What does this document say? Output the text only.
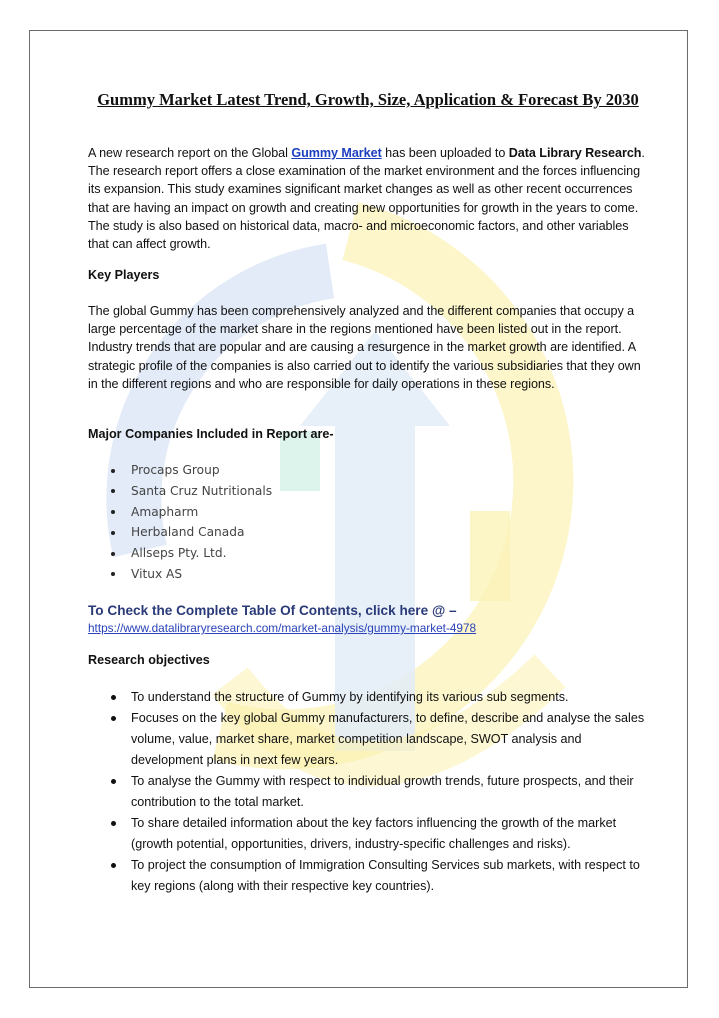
Gummy Market Latest Trend, Growth, Size, Application & Forecast By 2030

A new research report on the Global Gummy Market has been uploaded to Data Library Research. The research report offers a close examination of the market environment and the forces influencing its expansion. This study examines significant market changes as well as other recent occurrences that are having an impact on growth and creating new opportunities for growth in the years to come. The study is also based on historical data, macro- and microeconomic factors, and other variables that can affect growth.

Key Players

The global Gummy has been comprehensively analyzed and the different companies that occupy a large percentage of the market share in the regions mentioned have been listed out in the report. Industry trends that are popular and are causing a resurgence in the market growth are identified. A strategic profile of the companies is also carried out to identify the various subsidiaries that they own in the different regions and who are responsible for daily operations in these regions.

Major Companies Included in Report are-

Procaps Group
Santa Cruz Nutritionals
Amapharm
Herbaland Canada
Allseps Pty. Ltd.
Vitux AS

To Check the Complete Table Of Contents, click here @ –

https://www.datalibraryresearch.com/market-analysis/gummy-market-4978

Research objectives

To understand the structure of Gummy by identifying its various sub segments.
Focuses on the key global Gummy manufacturers, to define, describe and analyse the sales volume, value, market share, market competition landscape, SWOT analysis and development plans in next few years.
To analyse the Gummy with respect to individual growth trends, future prospects, and their contribution to the total market.
To share detailed information about the key factors influencing the growth of the market (growth potential, opportunities, drivers, industry-specific challenges and risks).
To project the consumption of Immigration Consulting Services sub markets, with respect to key regions (along with their respective key countries).
